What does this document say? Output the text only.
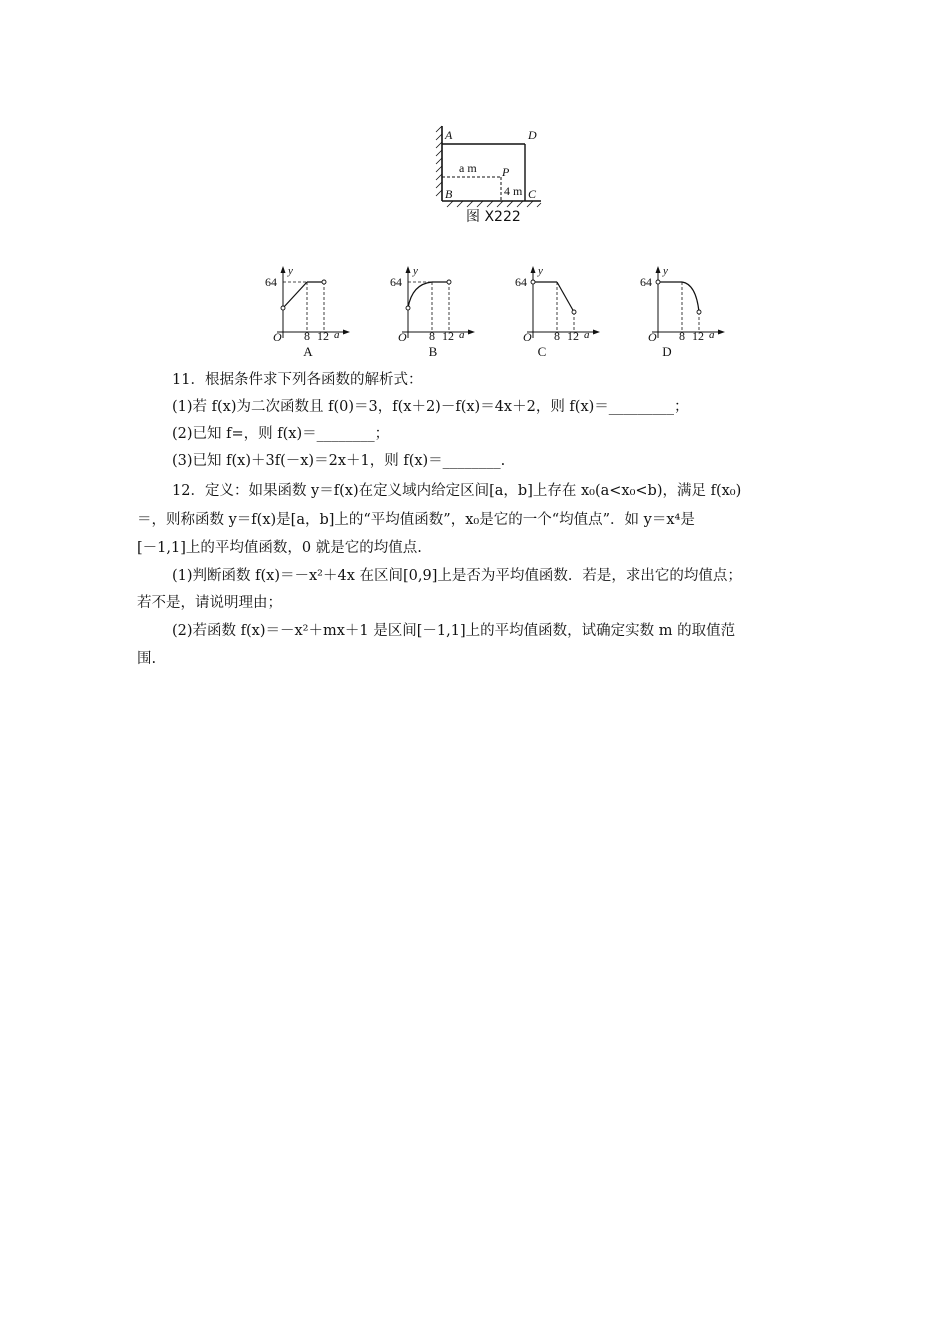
A	D
B	C
P
a m
4 m
图 X222
64
y
O 8 12 a
A
64
y
O 8 12 a
B
64
y
O 8 12 a
C
64
y
O 8 12 a
D
11．根据条件求下列各函数的解析式：
(1)若 f(x)为二次函数且 f(0)＝3，f(x＋2)－f(x)＝4x＋2，则 f(x)＝_________；
(2)已知 f=，则 f(x)＝________；
(3)已知 f(x)＋3f(－x)＝2x＋1，则 f(x)＝________.
12．定义：如果函数 y＝f(x)在定义域内给定区间[a，b]上存在 x₀(a<x₀<b)，满足 f(x₀)
＝，则称函数 y＝f(x)是[a，b]上的“平均值函数”，x₀是它的一个“均值点”．如 y＝x⁴是
[－1,1]上的平均值函数，0 就是它的均值点.
(1)判断函数 f(x)＝－x²＋4x 在区间[0,9]上是否为平均值函数．若是，求出它的均值点；
若不是，请说明理由；
(2)若函数 f(x)＝－x²＋mx＋1 是区间[－1,1]上的平均值函数，试确定实数 m 的取值范
围.
